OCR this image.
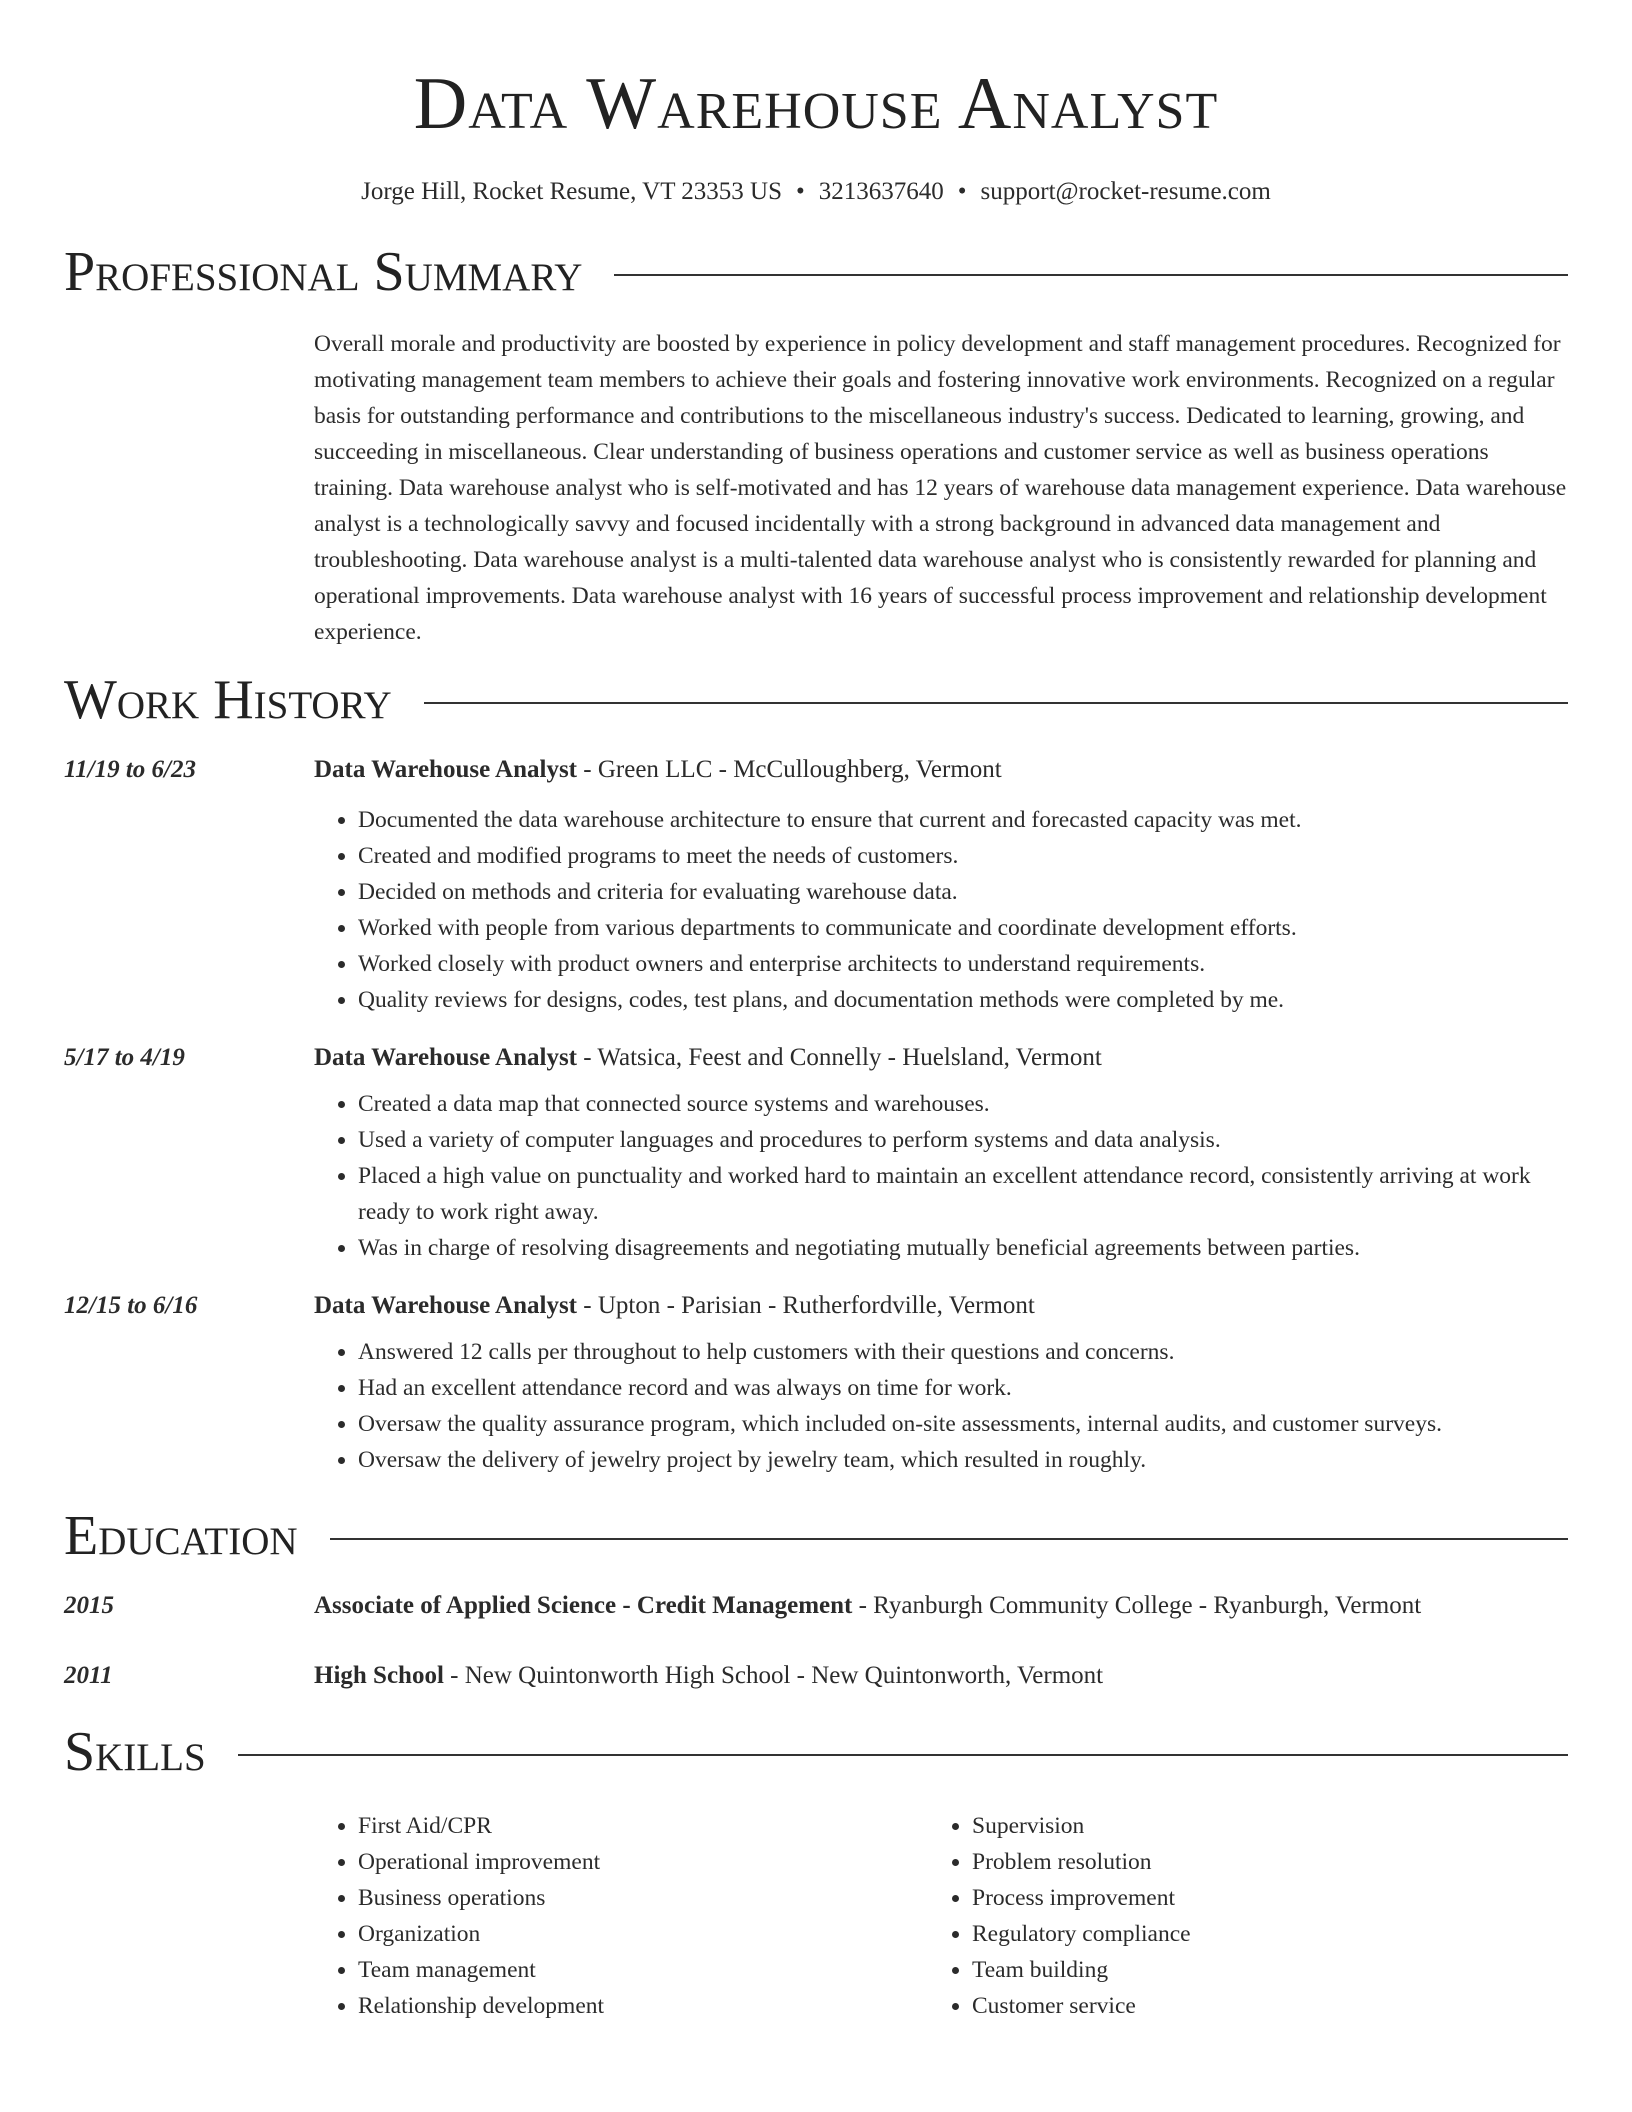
Data Warehouse Analyst
Jorge Hill, Rocket Resume, VT 23353 US • 3213637640 • support@rocket-resume.com
Professional Summary

Overall morale and productivity are boosted by experience in policy development and staff management procedures. Recognized for motivating management team members to achieve their goals and fostering innovative work environments. Recognized on a regular basis for outstanding performance and contributions to the miscellaneous industry's success. Dedicated to learning, growing, and succeeding in miscellaneous. Clear understanding of business operations and customer service as well as business operations training. Data warehouse analyst who is self-motivated and has 12 years of warehouse data management experience. Data warehouse analyst is a technologically savvy and focused incidentally with a strong background in advanced data management and troubleshooting. Data warehouse analyst is a multi-talented data warehouse analyst who is consistently rewarded for planning and operational improvements. Data warehouse analyst with 16 years of successful process improvement and relationship development experience.

Work History
11/19 to 6/23	Data Warehouse Analyst - Green LLC - McCulloughberg, Vermont
• Documented the data warehouse architecture to ensure that current and forecasted capacity was met.
• Created and modified programs to meet the needs of customers.
• Decided on methods and criteria for evaluating warehouse data.
• Worked with people from various departments to communicate and coordinate development efforts.
• Worked closely with product owners and enterprise architects to understand requirements.
• Quality reviews for designs, codes, test plans, and documentation methods were completed by me.
5/17 to 4/19	Data Warehouse Analyst - Watsica, Feest and Connelly - Huelsland, Vermont
• Created a data map that connected source systems and warehouses.
• Used a variety of computer languages and procedures to perform systems and data analysis.
• Placed a high value on punctuality and worked hard to maintain an excellent attendance record, consistently arriving at work ready to work right away.
• Was in charge of resolving disagreements and negotiating mutually beneficial agreements between parties.
12/15 to 6/16	Data Warehouse Analyst - Upton - Parisian - Rutherfordville, Vermont
• Answered 12 calls per throughout to help customers with their questions and concerns.
• Had an excellent attendance record and was always on time for work.
• Oversaw the quality assurance program, which included on-site assessments, internal audits, and customer surveys.
• Oversaw the delivery of jewelry project by jewelry team, which resulted in roughly.
Education
2015	Associate of Applied Science - Credit Management - Ryanburgh Community College - Ryanburgh, Vermont
2011	High School - New Quintonworth High School - New Quintonworth, Vermont
Skills
• First Aid/CPR
• Operational improvement
• Business operations
• Organization
• Team management
• Relationship development
• Supervision
• Problem resolution
• Process improvement
• Regulatory compliance
• Team building
• Customer service
